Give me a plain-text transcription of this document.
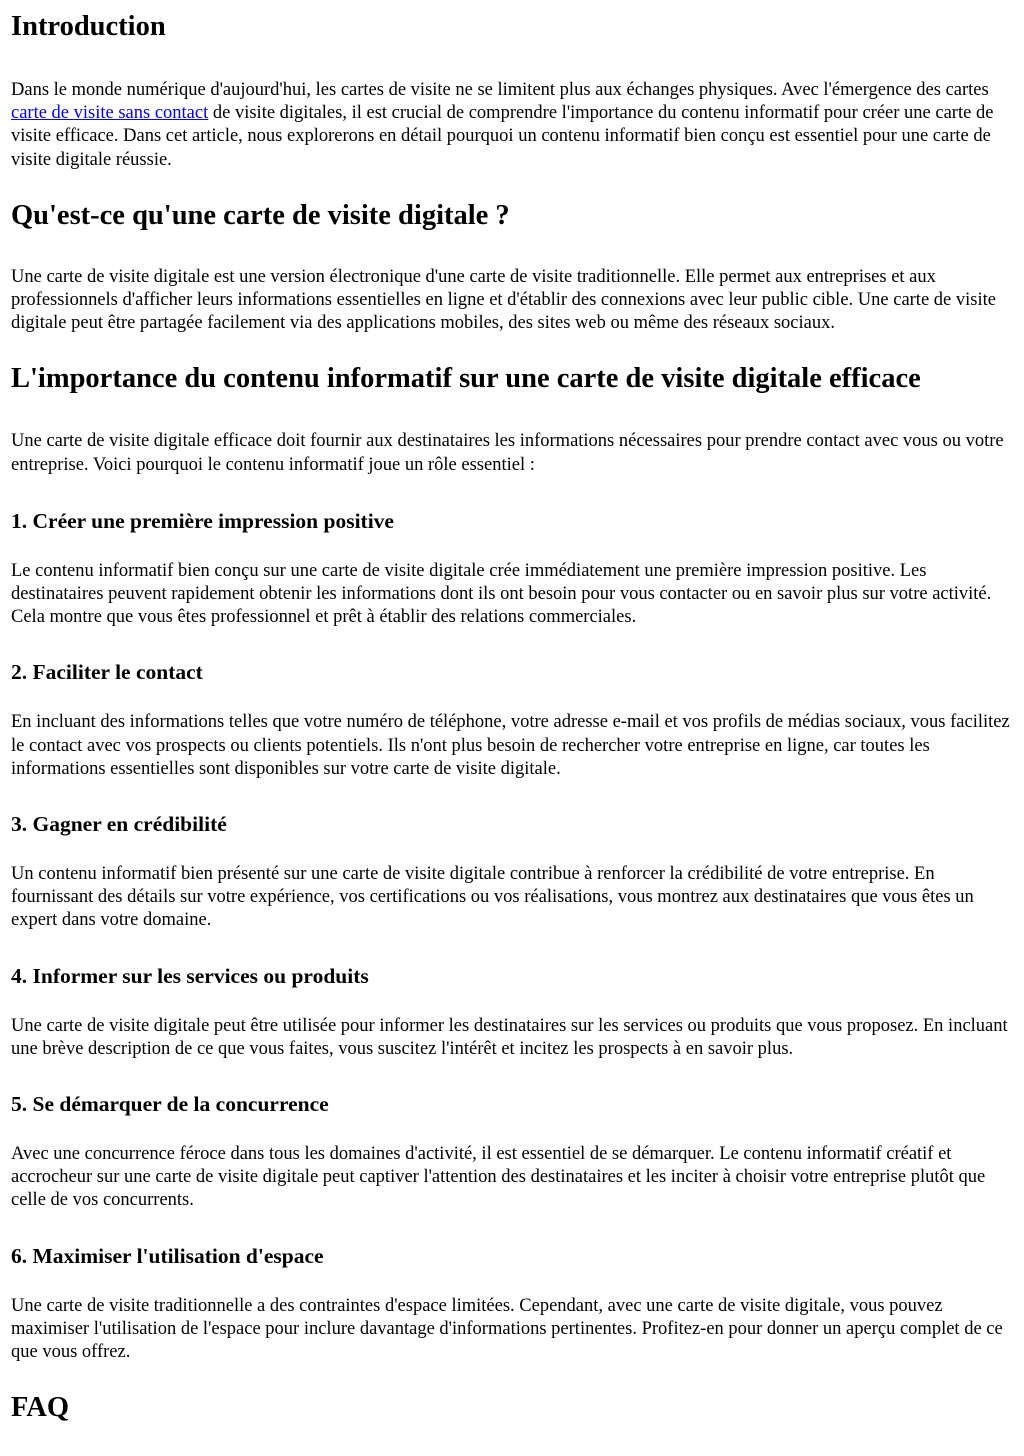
Introduction

Dans le monde numérique d'aujourd'hui, les cartes de visite ne se limitent plus aux échanges physiques. Avec l'émergence des cartes carte de visite sans contact de visite digitales, il est crucial de comprendre l'importance du contenu informatif pour créer une carte de visite efficace. Dans cet article, nous explorerons en détail pourquoi un contenu informatif bien conçu est essentiel pour une carte de visite digitale réussie.

Qu'est-ce qu'une carte de visite digitale ?

Une carte de visite digitale est une version électronique d'une carte de visite traditionnelle. Elle permet aux entreprises et aux professionnels d'afficher leurs informations essentielles en ligne et d'établir des connexions avec leur public cible. Une carte de visite digitale peut être partagée facilement via des applications mobiles, des sites web ou même des réseaux sociaux.

L'importance du contenu informatif sur une carte de visite digitale efficace

Une carte de visite digitale efficace doit fournir aux destinataires les informations nécessaires pour prendre contact avec vous ou votre entreprise. Voici pourquoi le contenu informatif joue un rôle essentiel :

1. Créer une première impression positive

Le contenu informatif bien conçu sur une carte de visite digitale crée immédiatement une première impression positive. Les destinataires peuvent rapidement obtenir les informations dont ils ont besoin pour vous contacter ou en savoir plus sur votre activité. Cela montre que vous êtes professionnel et prêt à établir des relations commerciales.

2. Faciliter le contact

En incluant des informations telles que votre numéro de téléphone, votre adresse e-mail et vos profils de médias sociaux, vous facilitez le contact avec vos prospects ou clients potentiels. Ils n'ont plus besoin de rechercher votre entreprise en ligne, car toutes les informations essentielles sont disponibles sur votre carte de visite digitale.

3. Gagner en crédibilité

Un contenu informatif bien présenté sur une carte de visite digitale contribue à renforcer la crédibilité de votre entreprise. En fournissant des détails sur votre expérience, vos certifications ou vos réalisations, vous montrez aux destinataires que vous êtes un expert dans votre domaine.

4. Informer sur les services ou produits

Une carte de visite digitale peut être utilisée pour informer les destinataires sur les services ou produits que vous proposez. En incluant une brève description de ce que vous faites, vous suscitez l'intérêt et incitez les prospects à en savoir plus.

5. Se démarquer de la concurrence

Avec une concurrence féroce dans tous les domaines d'activité, il est essentiel de se démarquer. Le contenu informatif créatif et accrocheur sur une carte de visite digitale peut captiver l'attention des destinataires et les inciter à choisir votre entreprise plutôt que celle de vos concurrents.

6. Maximiser l'utilisation d'espace

Une carte de visite traditionnelle a des contraintes d'espace limitées. Cependant, avec une carte de visite digitale, vous pouvez maximiser l'utilisation de l'espace pour inclure davantage d'informations pertinentes. Profitez-en pour donner un aperçu complet de ce que vous offrez.

FAQ
